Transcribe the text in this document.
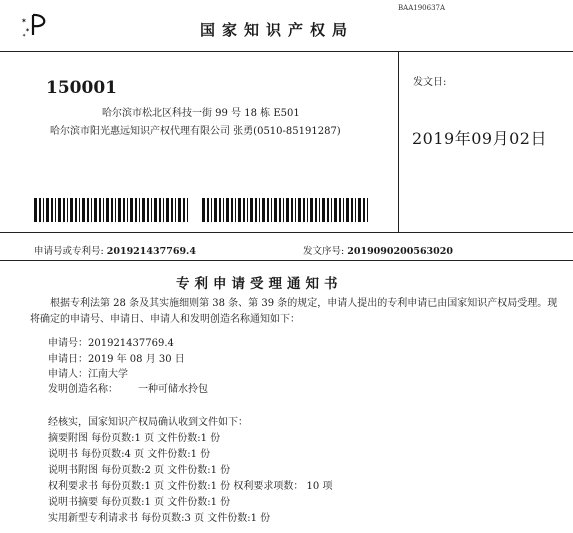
BAA190637A
✶
✶
✶	国家知识产权局
150001
哈尔滨市松北区科技一街 99 号 18 栋 E501
哈尔滨市阳光惠远知识产权代理有限公司 张勇(0510-85191287)
发文日:
2019年09月02日
申请号或专利号: 201921437769.4	发文序号: 2019090200563020
专利申请受理通知书
根据专利法第 28 条及其实施细则第 38 条、第 39 条的规定，申请人提出的专利申请已由国家知识产权局受理。现将确定的申请号、申请日、申请人和发明创造名称通知如下：
申请号：201921437769.4
申请日：2019 年 08 月 30 日
申请人：江南大学
发明创造名称： 一种可储水拎包
经核实，国家知识产权局确认收到文件如下：
摘要附图 每份页数:1 页 文件份数:1 份
说明书 每份页数:4 页 文件份数:1 份
说明书附图 每份页数:2 页 文件份数:1 份
权利要求书 每份页数:1 页 文件份数:1 份 权利要求项数： 10 项
说明书摘要 每份页数:1 页 文件份数:1 份
实用新型专利请求书 每份页数:3 页 文件份数:1 份
